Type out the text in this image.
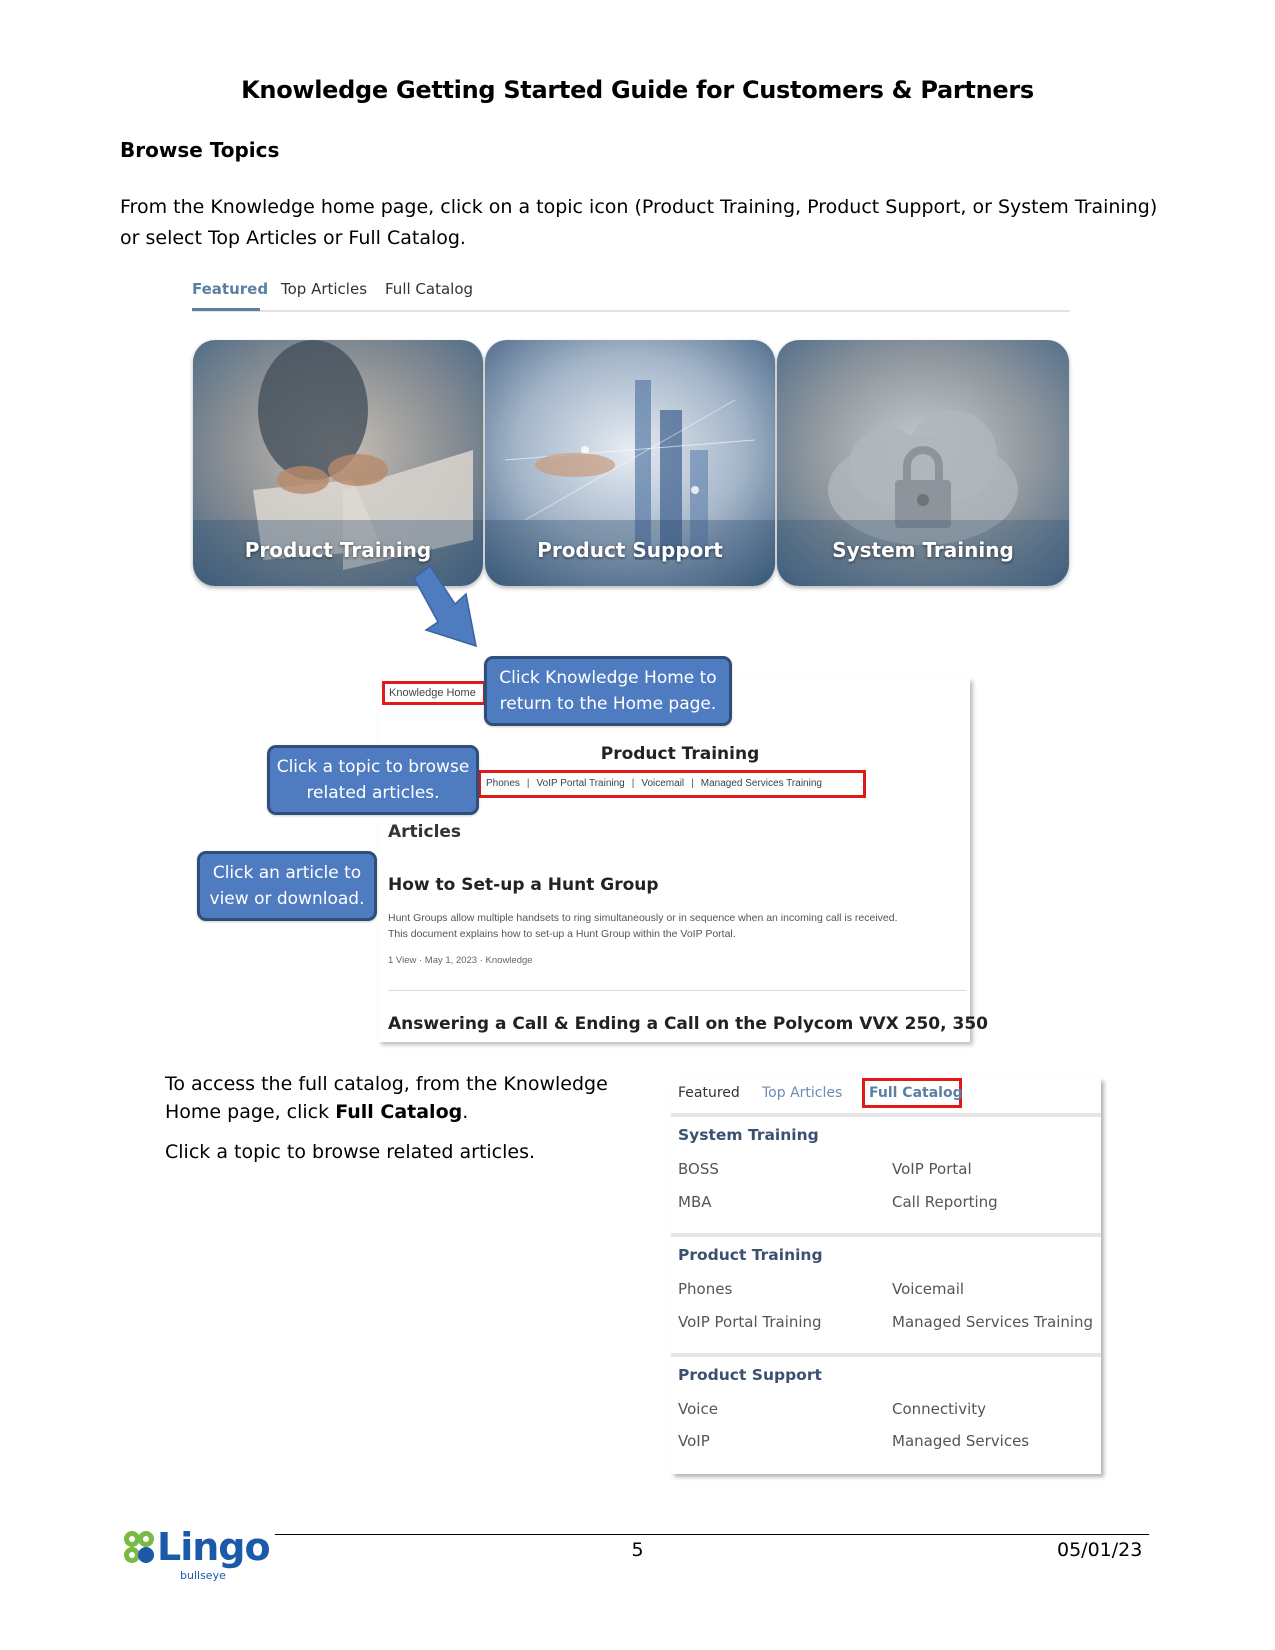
Knowledge Getting Started Guide for Customers & Partners
Browse Topics
From the Knowledge home page, click on a topic icon (Product Training, Product Support, or System Training)
or select Top Articles or Full Catalog.
Featured Top Articles Full Catalog
Product Training	Product Support	System Training
Knowledge Home
Product Training
Phones | VoIP Portal Training | Voicemail | Managed Services Training
Articles
How to Set-up a Hunt Group
Hunt Groups allow multiple handsets to ring simultaneously or in sequence when an incoming call is received.
This document explains how to set-up a Hunt Group within the VoIP Portal.
1 View · May 1, 2023 · Knowledge
Answering a Call & Ending a Call on the Polycom VVX 250, 350
Click Knowledge Home to
return to the Home page.
Click a topic to browse
related articles.
Click an article to
view or download.
To access the full catalog, from the Knowledge
Home page, click Full Catalog.
Click a topic to browse related articles.
Featured Top Articles Full Catalog
System Training
BOSS	VoIP Portal
MBA	Call Reporting
Product Training
Phones	Voicemail
VoIP Portal Training	Managed Services Training
Product Support
Voice	Connectivity
VoIP	Managed Services
Lingo
bullseye
5	05/01/23
